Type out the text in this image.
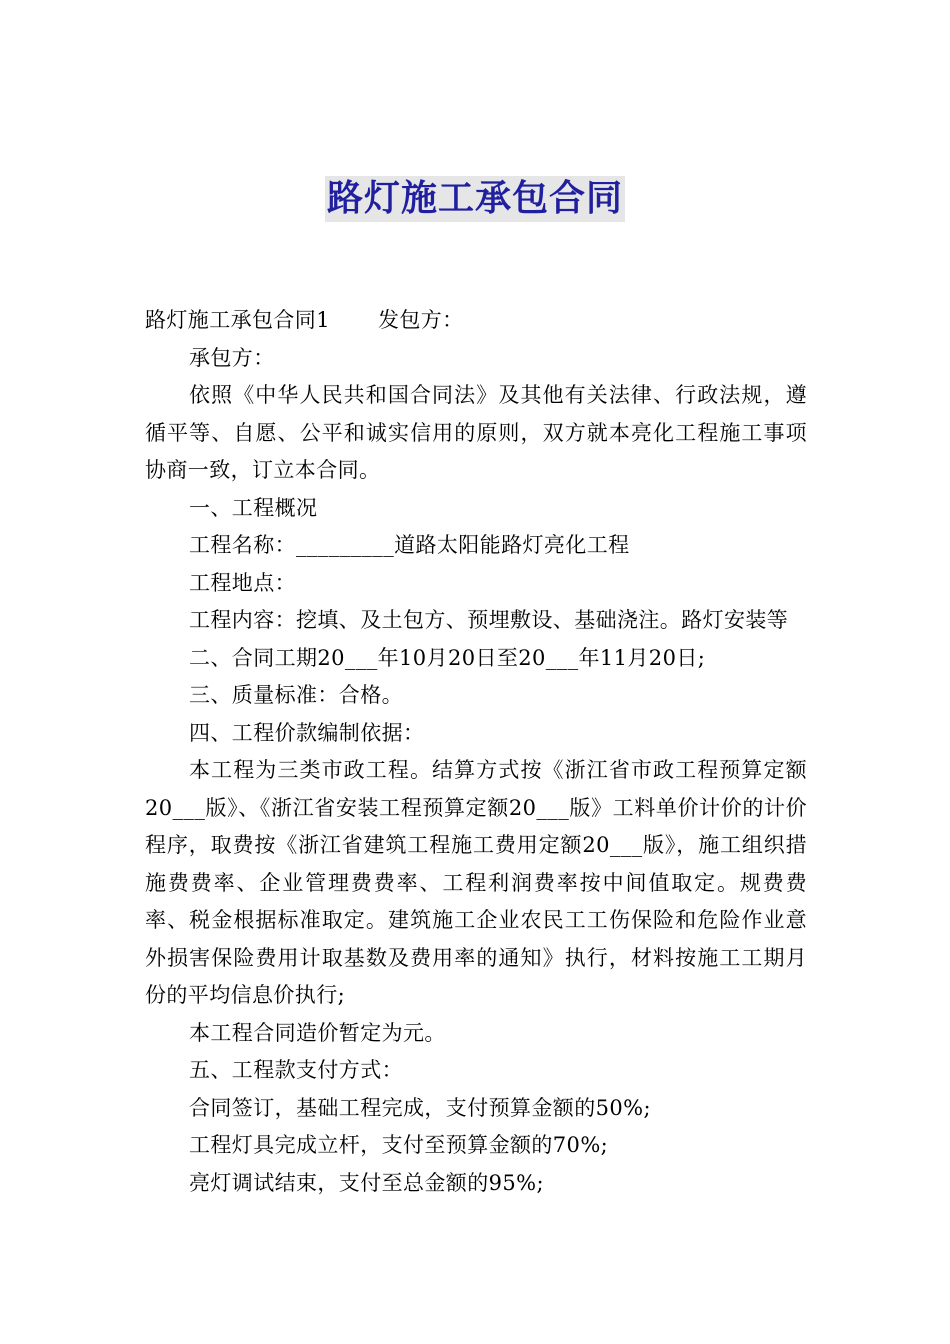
路灯施工承包合同

路灯施工承包合同1 发包方：

承包方：

依照《中华人民共和国合同法》及其他有关法律、行政法规，遵循平等、自愿、公平和诚实信用的原则，双方就本亮化工程施工事项协商一致，订立本合同。

一、工程概况

工程名称：_________道路太阳能路灯亮化工程

工程地点：

工程内容：挖填、及土包方、预埋敷设、基础浇注。路灯安装等

二、合同工期20___年10月20日至20___年11月20日;

三、质量标准：合格。

四、工程价款编制依据：

本工程为三类市政工程。结算方式按《浙江省市政工程预算定额20___版》、《浙江省安装工程预算定额20___版》工料单价计价的计价程序，取费按《浙江省建筑工程施工费用定额20___版》，施工组织措施费费率、企业管理费费率、工程利润费率按中间值取定。规费费率、税金根据标准取定。建筑施工企业农民工工伤保险和危险作业意外损害保险费用计取基数及费用率的通知》执行，材料按施工工期月份的平均信息价执行;

本工程合同造价暂定为元。

五、工程款支付方式：

合同签订，基础工程完成，支付预算金额的50%;

工程灯具完成立杆，支付至预算金额的70%;

亮灯调试结束，支付至总金额的95%;
